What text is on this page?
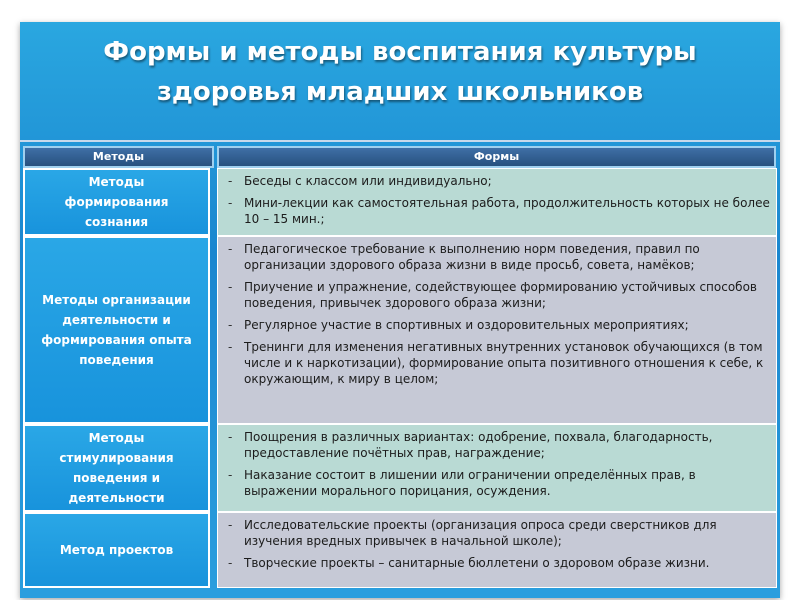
Формы и методы воспитания культуры
здоровья младших школьников
Методы	Формы
Методы формирования сознания
- Беседы с классом или индивидуально;
- Мини-лекции как самостоятельная работа, продолжительность которых не более 10 – 15 мин.;
Методы организации деятельности и формирования опыта поведения
- Педагогическое требование к выполнению норм поведения, правил по организации здорового образа жизни в виде просьб, совета, намёков;
- Приучение и упражнение, содействующее формированию устойчивых способов поведения, привычек здорового образа жизни;
- Регулярное участие в спортивных и оздоровительных мероприятиях;
- Тренинги для изменения негативных внутренних установок обучающихся (в том числе и к наркотизации), формирование опыта позитивного отношения к себе, к окружающим, к миру в целом;
Методы стимулирования поведения и деятельности
- Поощрения в различных вариантах: одобрение, похвала, благодарность, предоставление почётных прав, награждение;
- Наказание состоит в лишении или ограничении определённых прав, в выражении морального порицания, осуждения.
Метод проектов
- Исследовательские проекты (организация опроса среди сверстников для изучения вредных привычек в начальной школе);
- Творческие проекты – санитарные бюллетени о здоровом образе жизни.
